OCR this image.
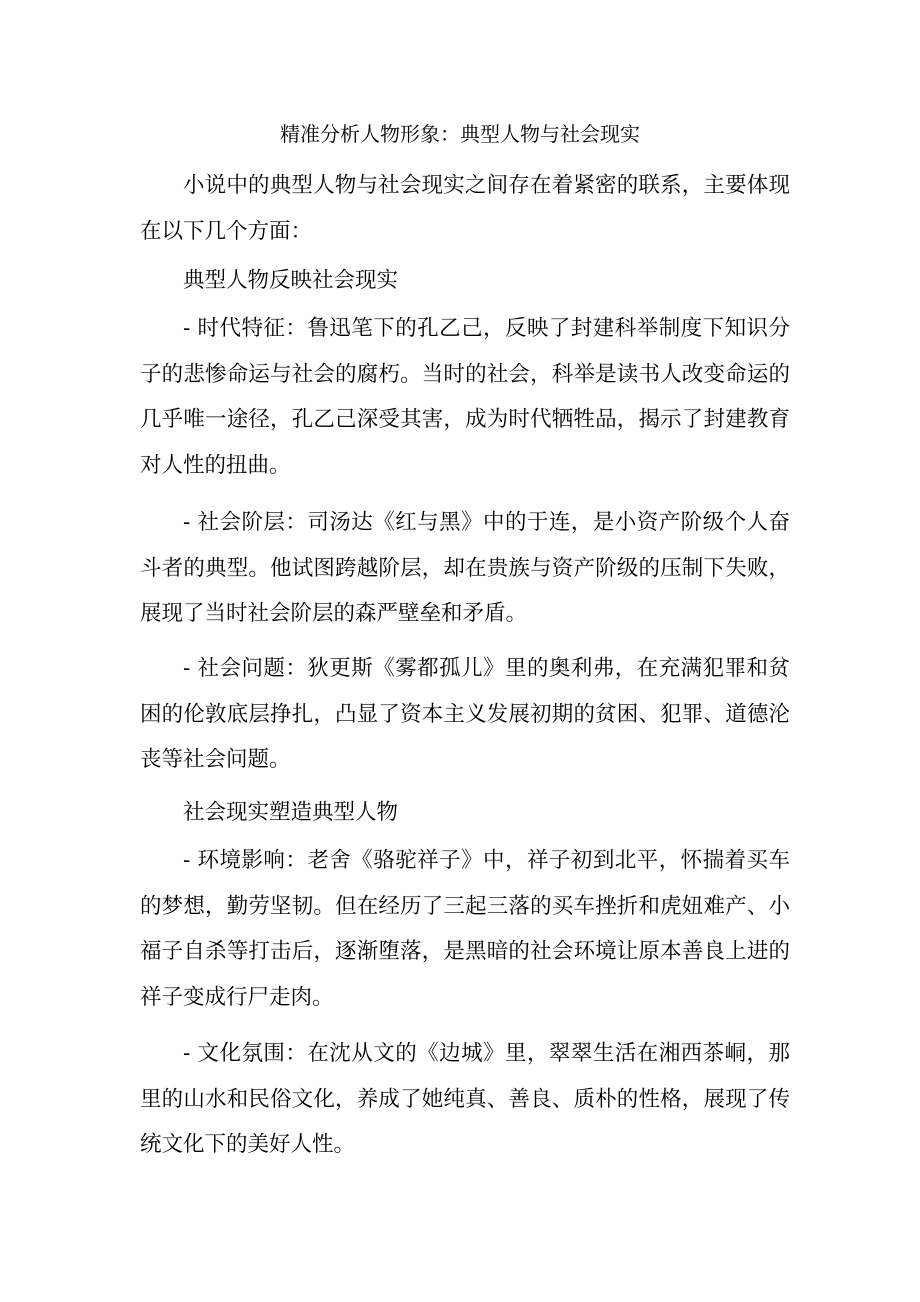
精准分析人物形象：典型人物与社会现实

小说中的典型人物与社会现实之间存在着紧密的联系，主要体现在以下几个方面：

典型人物反映社会现实

- 时代特征：鲁迅笔下的孔乙己，反映了封建科举制度下知识分子的悲惨命运与社会的腐朽。当时的社会，科举是读书人改变命运的几乎唯一途径，孔乙己深受其害，成为时代牺牲品，揭示了封建教育对人性的扭曲。

- 社会阶层：司汤达《红与黑》中的于连，是小资产阶级个人奋斗者的典型。他试图跨越阶层，却在贵族与资产阶级的压制下失败，展现了当时社会阶层的森严壁垒和矛盾。

- 社会问题：狄更斯《雾都孤儿》里的奥利弗，在充满犯罪和贫困的伦敦底层挣扎，凸显了资本主义发展初期的贫困、犯罪、道德沦丧等社会问题。

社会现实塑造典型人物

- 环境影响：老舍《骆驼祥子》中，祥子初到北平，怀揣着买车的梦想，勤劳坚韧。但在经历了三起三落的买车挫折和虎妞难产、小福子自杀等打击后，逐渐堕落，是黑暗的社会环境让原本善良上进的祥子变成行尸走肉。

- 文化氛围：在沈从文的《边城》里，翠翠生活在湘西茶峒，那里的山水和民俗文化，养成了她纯真、善良、质朴的性格，展现了传统文化下的美好人性。
